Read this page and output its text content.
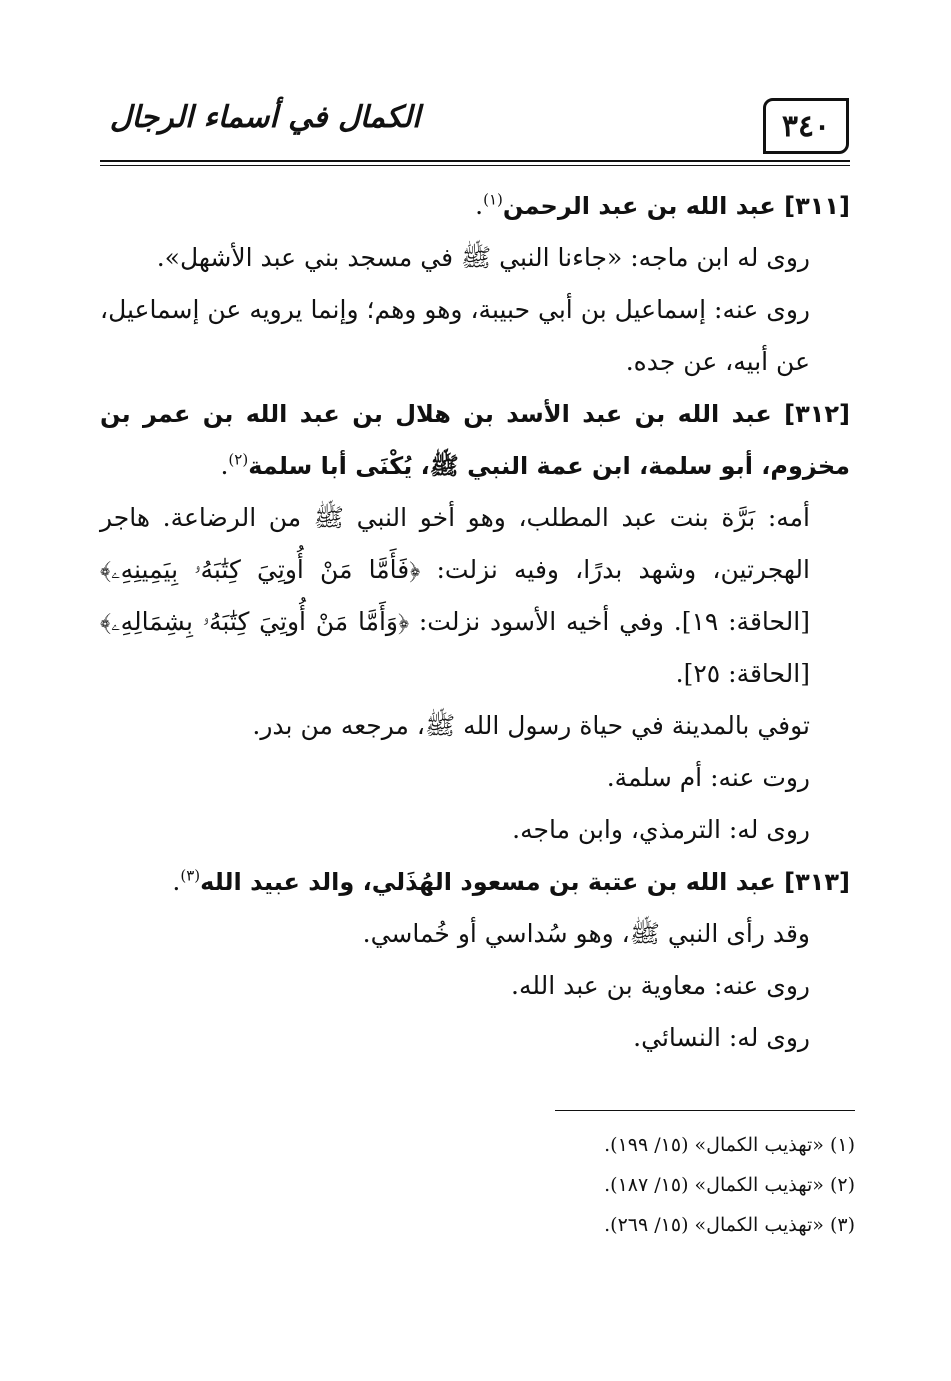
٣٤٠
الكمال في أسماء الرجال

[٣١١] عبد الله بن عبد الرحمن$^{(١)}$.

روى له ابن ماجه: «جاءنا النبي ﷺ في مسجد بني عبد الأشهل».

روى عنه: إسماعيل بن أبي حبيبة، وهو وهم؛ وإنما يرويه عن إسماعيل، عن أبيه، عن جده.

[٣١٢] عبد الله بن عبد الأسد بن هلال بن عبد الله بن عمر بن مخزوم، أبو سلمة، ابن عمة النبي ﷺ، يُكْنَى أبا سلمة$^{(٢)}$.

أمه: بَرَّة بنت عبد المطلب، وهو أخو النبي ﷺ من الرضاعة. هاجر الهجرتين، وشهد بدرًا، وفيه نزلت: ﴿فَأَمَّا مَنْ أُوتِيَ كِتَٰبَهُۥ بِيَمِينِهِۦ﴾ [الحاقة: ١٩]. وفي أخيه الأسود نزلت: ﴿وَأَمَّا مَنْ أُوتِيَ كِتَٰبَهُۥ بِشِمَالِهِۦ﴾ [الحاقة: ٢٥].

توفي بالمدينة في حياة رسول الله ﷺ، مرجعه من بدر.

روت عنه: أم سلمة.

روى له: الترمذي، وابن ماجه.

[٣١٣] عبد الله بن عتبة بن مسعود الهُذَلي، والد عبيد الله$^{(٣)}$.

وقد رأى النبي ﷺ، وهو سُداسي أو خُماسي.

روى عنه: معاوية بن عبد الله.

روى له: النسائي.

(١) «تهذيب الكمال» (١٥/ ١٩٩).
(٢) «تهذيب الكمال» (١٥/ ١٨٧).
(٣) «تهذيب الكمال» (١٥/ ٢٦٩).
